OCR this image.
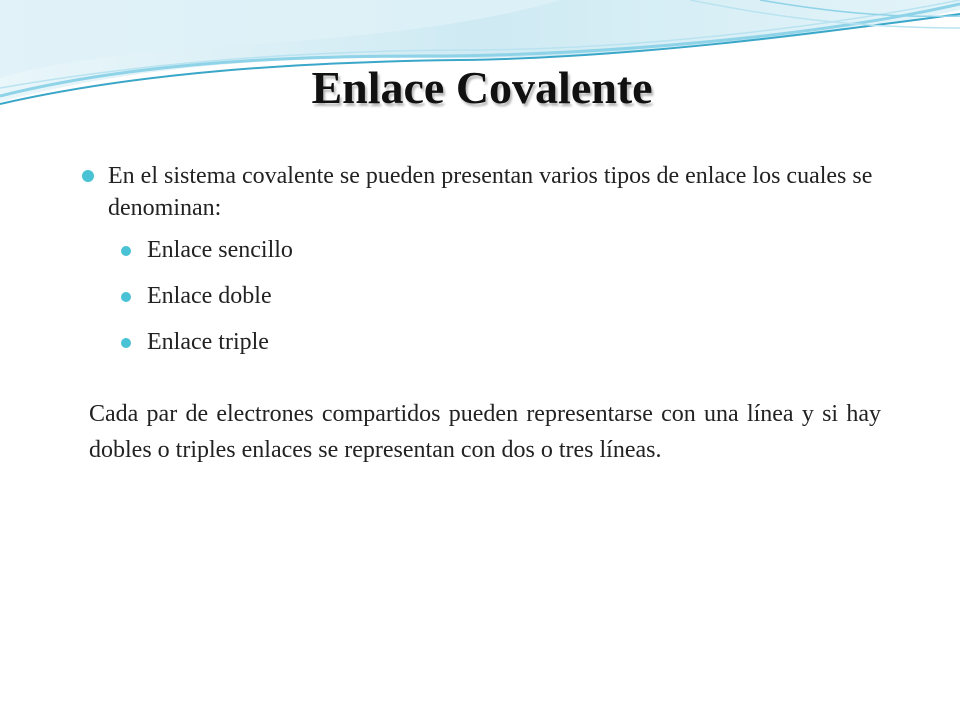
Enlace Covalente

En el sistema covalente se pueden presentan varios tipos de enlace los cuales se denominan:

Enlace sencillo
Enlace doble
Enlace triple

Cada par de electrones compartidos pueden representarse con una línea y si hay dobles o triples enlaces se representan con dos o tres líneas.
